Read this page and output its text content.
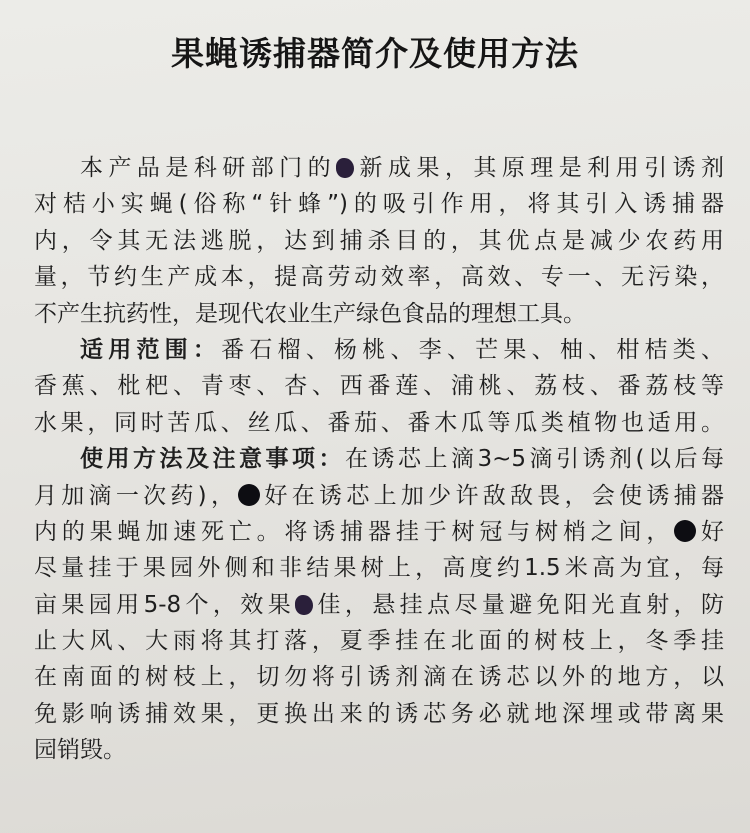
果蝇诱捕器简介及使用方法
本产品是科研部门的 新成果，其原理是利用引诱剂
对桔小实蝇(俗称“针蜂”)的吸引作用，将其引入诱捕器
内，令其无法逃脱，达到捕杀目的，其优点是减少农药用
量，节约生产成本，提高劳动效率，高效、专一、无污染，
不产生抗药性，是现代农业生产绿色食品的理想工具。
适用范围：番石榴、杨桃、李、芒果、柚、柑桔类、
香蕉、枇杷、青枣、杏、西番莲、浦桃、荔枝、番荔枝等
水果，同时苦瓜、丝瓜、番茄、番木瓜等瓜类植物也适用。
使用方法及注意事项：在诱芯上滴3~5滴引诱剂(以后每
月加滴一次药)， 好在诱芯上加少许敌敌畏，会使诱捕器
内的果蝇加速死亡。将诱捕器挂于树冠与树梢之间， 好
尽量挂于果园外侧和非结果树上，高度约1.5米高为宜，每
亩果园用5-8个，效果 佳，悬挂点尽量避免阳光直射，防
止大风、大雨将其打落，夏季挂在北面的树枝上，冬季挂
在南面的树枝上，切勿将引诱剂滴在诱芯以外的地方，以
免影响诱捕效果，更换出来的诱芯务必就地深埋或带离果
园销毁。
